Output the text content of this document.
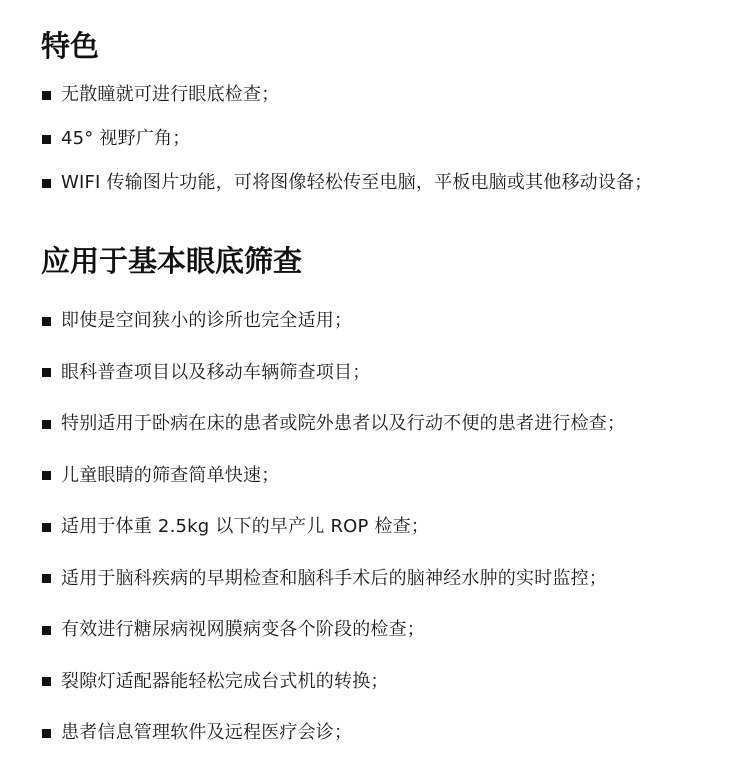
特色
无散瞳就可进行眼底检查；
45° 视野广角；
WIFI 传输图片功能，可将图像轻松传至电脑，平板电脑或其他移动设备；
应用于基本眼底筛查
即使是空间狭小的诊所也完全适用；
眼科普查项目以及移动车辆筛查项目；
特别适用于卧病在床的患者或院外患者以及行动不便的患者进行检查；
儿童眼睛的筛查简单快速；
适用于体重 2.5kg 以下的早产儿 ROP 检查；
适用于脑科疾病的早期检查和脑科手术后的脑神经水肿的实时监控；
有效进行糖尿病视网膜病变各个阶段的检查；
裂隙灯适配器能轻松完成台式机的转换；
患者信息管理软件及远程医疗会诊；
